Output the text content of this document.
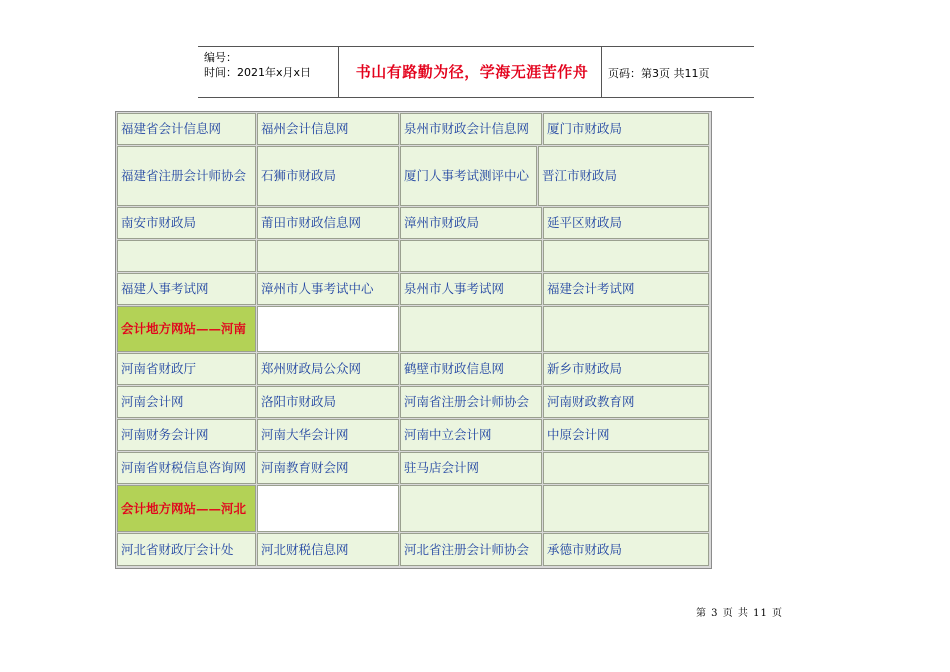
编号：
时间：2021年x月x日	书山有路勤为径，学海无涯苦作舟	页码：第3页 共11页
福建省会计信息网	福州会计信息网	泉州市财政会计信息网	厦门市财政局
福建省注册会计师协会	石狮市财政局	厦门人事考试测评中心	晋江市财政局
南安市财政局	莆田市财政信息网	漳州市财政局	延平区财政局
福建人事考试网	漳州市人事考试中心	泉州市人事考试网	福建会计考试网
会计地方网站——河南
河南省财政厅	郑州财政局公众网	鹤壁市财政信息网	新乡市财政局
河南会计网	洛阳市财政局	河南省注册会计师协会	河南财政教育网
河南财务会计网	河南大华会计网	河南中立会计网	中原会计网
河南省财税信息咨询网	河南教育财会网	驻马店会计网
会计地方网站——河北
河北省财政厅会计处	河北财税信息网	河北省注册会计师协会	承德市财政局
第 3 页 共 11 页
